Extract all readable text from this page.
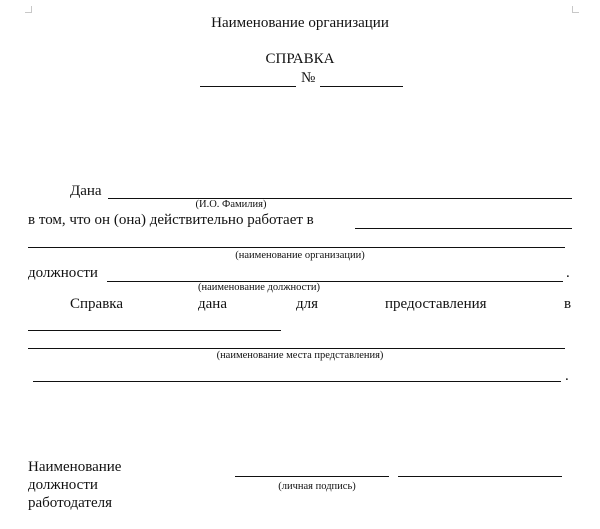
Наименование организации
СПРАВКА
№
Дана
(И.О. Фамилия)
в том, что он (она) действительно работает в
(наименование организации)
должности	.
(наименование должности)
Справка	дана	для	предоставления	в
(наименование места представления)
.
Наименование
должности
работодателя
(личная подпись)
